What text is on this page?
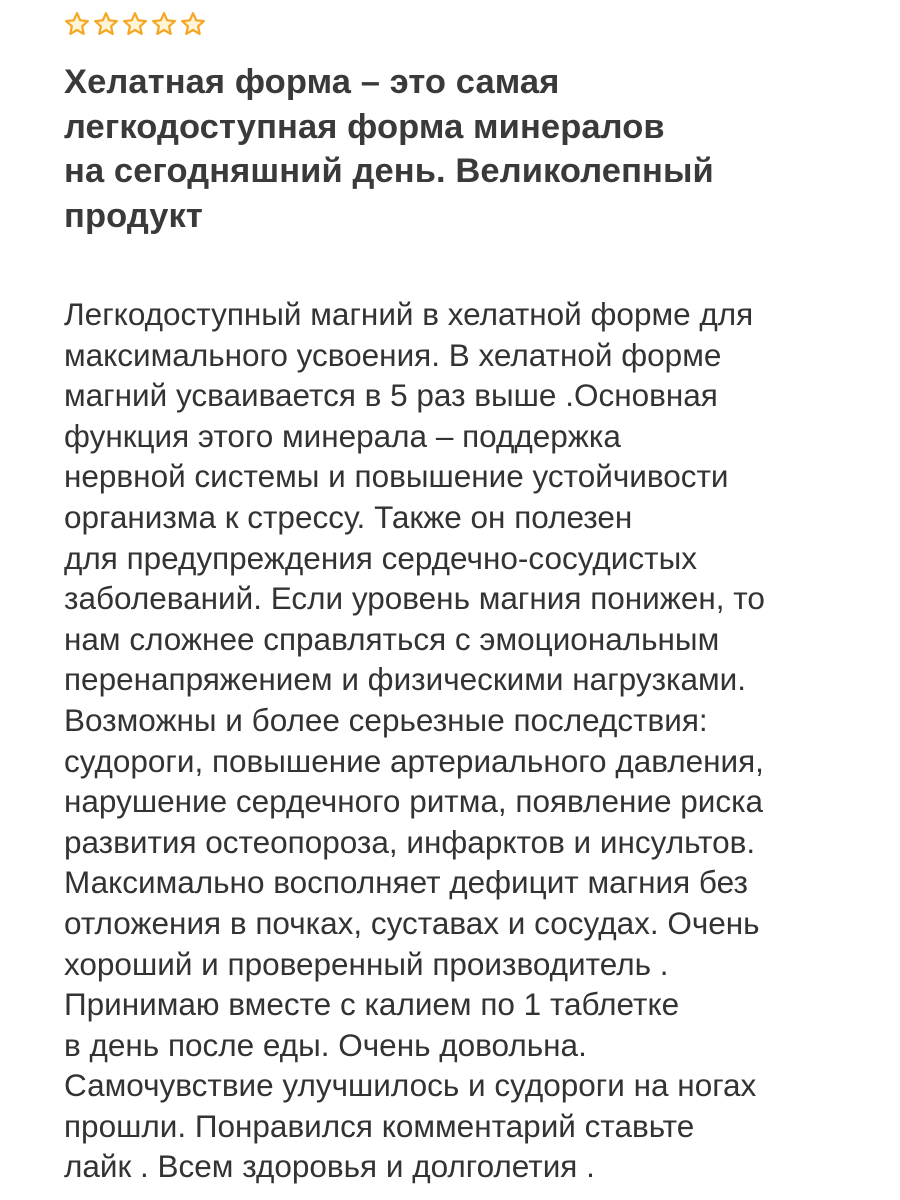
Хелатная форма – это самая
легкодоступная форма минералов
на сегодняшний день. Великолепный
продукт
Легкодоступный магний в хелатной форме для
максимального усвоения. В хелатной форме
магний усваивается в 5 раз выше .Основная
функция этого минерала – поддержка
нервной системы и повышение устойчивости
организма к стрессу. Также он полезен
для предупреждения сердечно-сосудистых
заболеваний. Если уровень магния понижен, то
нам сложнее справляться с эмоциональным
перенапряжением и физическими нагрузками.
Возможны и более серьезные последствия:
судороги, повышение артериального давления,
нарушение сердечного ритма, появление риска
развития остеопороза, инфарктов и инсультов.
Максимально восполняет дефицит магния без
отложения в почках, суставах и сосудах. Очень
хороший и проверенный производитель .
Принимаю вместе с калием по 1 таблетке
в день после еды. Очень довольна.
Самочувствие улучшилось и судороги на ногах
прошли. Понравился комментарий ставьте
лайк . Всем здоровья и долголетия .
